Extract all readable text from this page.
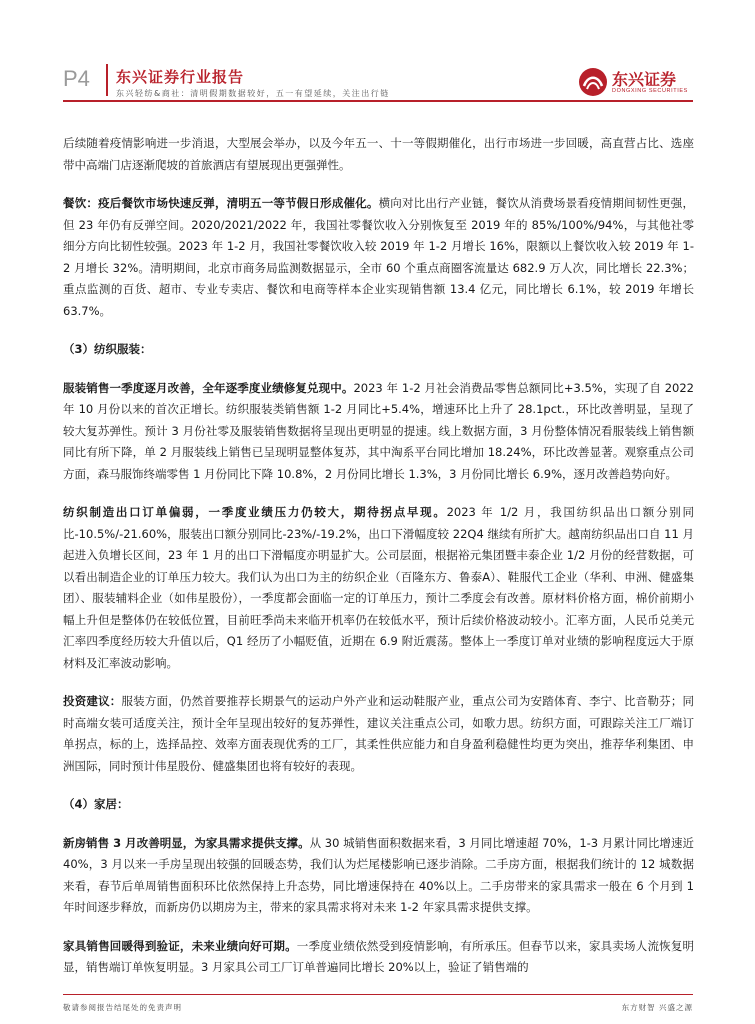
P4 东兴证券行业报告
东兴轻纺&商社：清明假期数据较好，五一有望延续，关注出行链
东兴证券
DONGXING SECURITIES

后续随着疫情影响进一步消退，大型展会举办，以及今年五一、十一等假期催化，出行市场进一步回暖，高直营占比、选座带中高端门店逐渐爬坡的首旅酒店有望展现出更强弹性。

餐饮：疫后餐饮市场快速反弹，清明五一等节假日形成催化。横向对比出行产业链，餐饮从消费场景看疫情期间韧性更强，但 23 年仍有反弹空间。2020/2021/2022 年，我国社零餐饮收入分别恢复至 2019 年的 85%/100%/94%，与其他社零细分方向比韧性较强。2023 年 1-2 月，我国社零餐饮收入较 2019 年 1-2 月增长 16%，限额以上餐饮收入较 2019 年 1-2 月增长 32%。清明期间，北京市商务局监测数据显示，全市 60 个重点商圈客流量达 682.9 万人次，同比增长 22.3%；重点监测的百货、超市、专业专卖店、餐饮和电商等样本企业实现销售额 13.4 亿元，同比增长 6.1%，较 2019 年增长 63.7%。

（3）纺织服装：

服装销售一季度逐月改善，全年逐季度业绩修复兑现中。2023 年 1-2 月社会消费品零售总额同比+3.5%，实现了自 2022 年 10 月份以来的首次正增长。纺织服装类销售额 1-2 月同比+5.4%，增速环比上升了 28.1pct.，环比改善明显，呈现了较大复苏弹性。预计 3 月份社零及服装销售数据将呈现出更明显的提速。线上数据方面，3 月份整体情况看服装线上销售额同比有所下降，单 2 月服装线上销售已呈现明显整体复苏，其中淘系平台同比增加 18.24%，环比改善显著。观察重点公司方面，森马服饰终端零售 1 月份同比下降 10.8%，2 月份同比增长 1.3%，3 月份同比增长 6.9%，逐月改善趋势向好。

纺织制造出口订单偏弱，一季度业绩压力仍较大，期待拐点早现。2023 年 1/2 月，我国纺织品出口额分别同比-10.5%/-21.60%，服装出口额分别同比-23%/-19.2%，出口下滑幅度较 22Q4 继续有所扩大。越南纺织品出口自 11 月起进入负增长区间，23 年 1 月的出口下滑幅度亦明显扩大。公司层面，根据裕元集团暨丰泰企业 1/2 月份的经营数据，可以看出制造企业的订单压力较大。我们认为出口为主的纺织企业（百隆东方、鲁泰A）、鞋服代工企业（华利、申洲、健盛集团）、服装辅料企业（如伟星股份），一季度都会面临一定的订单压力，预计二季度会有改善。原材料价格方面，棉价前期小幅上升但是整体仍在较低位置，目前旺季尚未来临开机率仍在较低水平，预计后续价格波动较小。汇率方面，人民币兑美元汇率四季度经历较大升值以后，Q1 经历了小幅贬值，近期在 6.9 附近震荡。整体上一季度订单对业绩的影响程度远大于原材料及汇率波动影响。

投资建议：服装方面，仍然首要推荐长期景气的运动户外产业和运动鞋服产业，重点公司为安踏体育、李宁、比音勒芬；同时高端女装可适度关注，预计全年呈现出较好的复苏弹性，建议关注重点公司，如歌力思。纺织方面，可跟踪关注工厂端订单拐点，标的上，选择品控、效率方面表现优秀的工厂，其柔性供应能力和自身盈利稳健性均更为突出，推荐华利集团、申洲国际，同时预计伟星股份、健盛集团也将有较好的表现。

（4）家居：

新房销售 3 月改善明显，为家具需求提供支撑。从 30 城销售面积数据来看，3 月同比增速超 70%，1-3 月累计同比增速近 40%，3 月以来一手房呈现出较强的回暖态势，我们认为烂尾楼影响已逐步消除。二手房方面，根据我们统计的 12 城数据来看，春节后单周销售面积环比依然保持上升态势，同比增速保持在 40%以上。二手房带来的家具需求一般在 6 个月到 1 年时间逐步释放，而新房仍以期房为主，带来的家具需求将对未来 1-2 年家具需求提供支撑。

家具销售回暖得到验证，未来业绩向好可期。一季度业绩依然受到疫情影响，有所承压。但春节以来，家具卖场人流恢复明显，销售端订单恢复明显。3 月家具公司工厂订单普遍同比增长 20%以上，验证了销售端的

敬请参阅报告结尾处的免责声明	东方财智 兴盛之源
